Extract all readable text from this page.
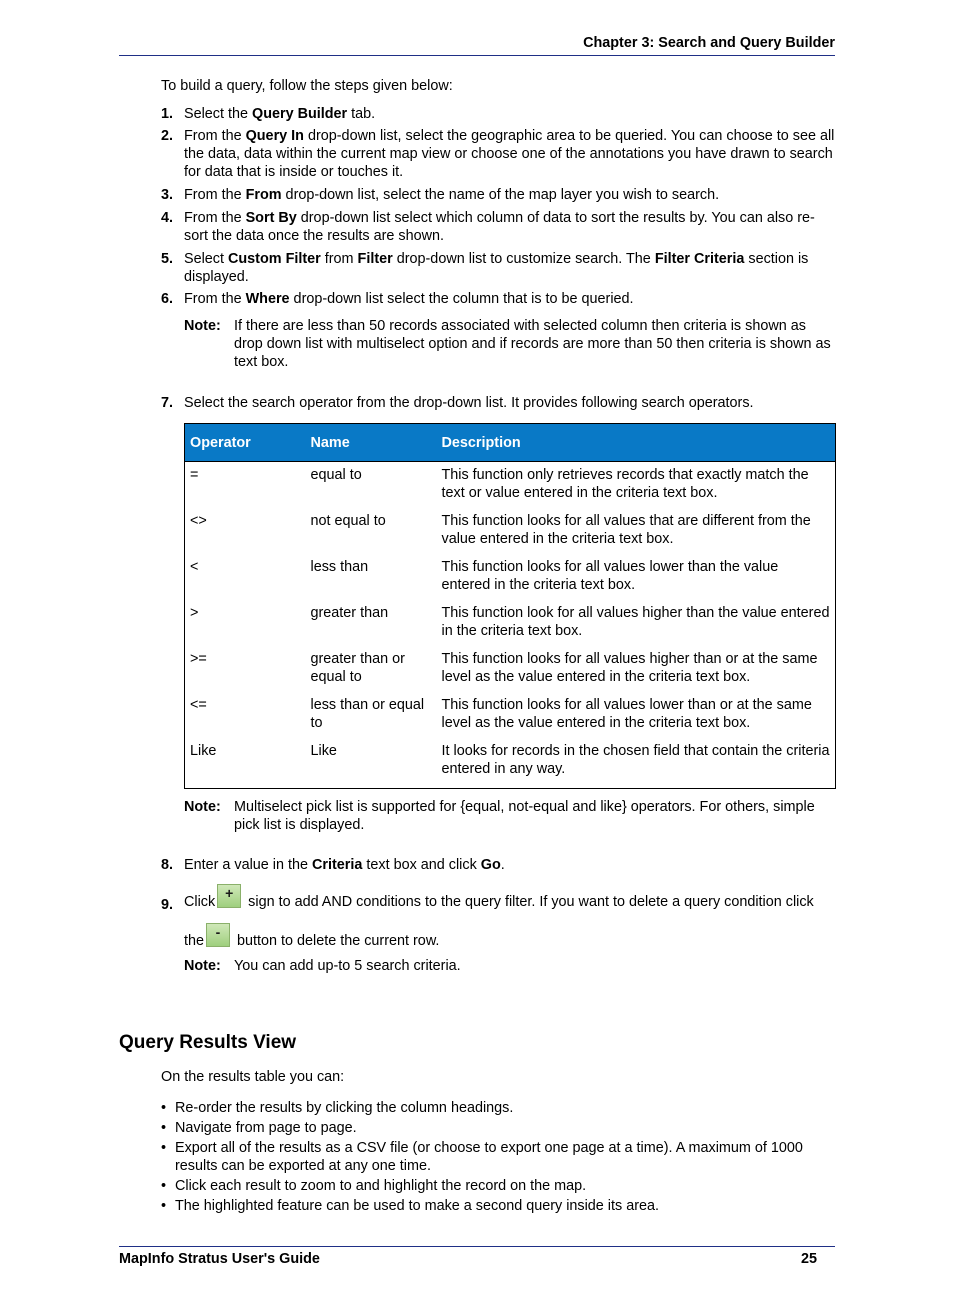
Chapter 3: Search and Query Builder

To build a query, follow the steps given below:

1. Select the Query Builder tab.
2. From the Query In drop-down list, select the geographic area to be queried. You can choose to see all the data, data within the current map view or choose one of the annotations you have drawn to search for data that is inside or touches it.
3. From the From drop-down list, select the name of the map layer you wish to search.
4. From the Sort By drop-down list select which column of data to sort the results by. You can also re-sort the data once the results are shown.
5. Select Custom Filter from Filter drop-down list to customize search. The Filter Criteria section is displayed.
6. From the Where drop-down list select the column that is to be queried.
Note: If there are less than 50 records associated with selected column then criteria is shown as drop down list with multiselect option and if records are more than 50 then criteria is shown as text box.
7. Select the search operator from the drop-down list. It provides following search operators.
Operator	Name	Description
=	equal to	This function only retrieves records that exactly match the text or value entered in the criteria text box.
<>	not equal to	This function looks for all values that are different from the value entered in the criteria text box.
<	less than	This function looks for all values lower than the value entered in the criteria text box.
>	greater than	This function look for all values higher than the value entered in the criteria text box.
>=	greater than or equal to	This function looks for all values higher than or at the same level as the value entered in the criteria text box.
<=	less than or equal to	This function looks for all values lower than or at the same level as the value entered in the criteria text box.
Like	Like	It looks for records in the chosen field that contain the criteria entered in any way.
Note: Multiselect pick list is supported for {equal, not-equal and like} operators. For others, simple pick list is displayed.
8. Enter a value in the Criteria text box and click Go.
9. Click
+
sign to add AND conditions to the query filter. If you want to delete a query condition click
the
-
button to delete the current row.
Note: You can add up-to 5 search criteria.
Query Results View

On the results table you can:

• Re-order the results by clicking the column headings.
• Navigate from page to page.
• Export all of the results as a CSV file (or choose to export one page at a time). A maximum of 1000 results can be exported at any one time.
• Click each result to zoom to and highlight the record on the map.
• The highlighted feature can be used to make a second query inside its area.
MapInfo Stratus User's Guide	25
